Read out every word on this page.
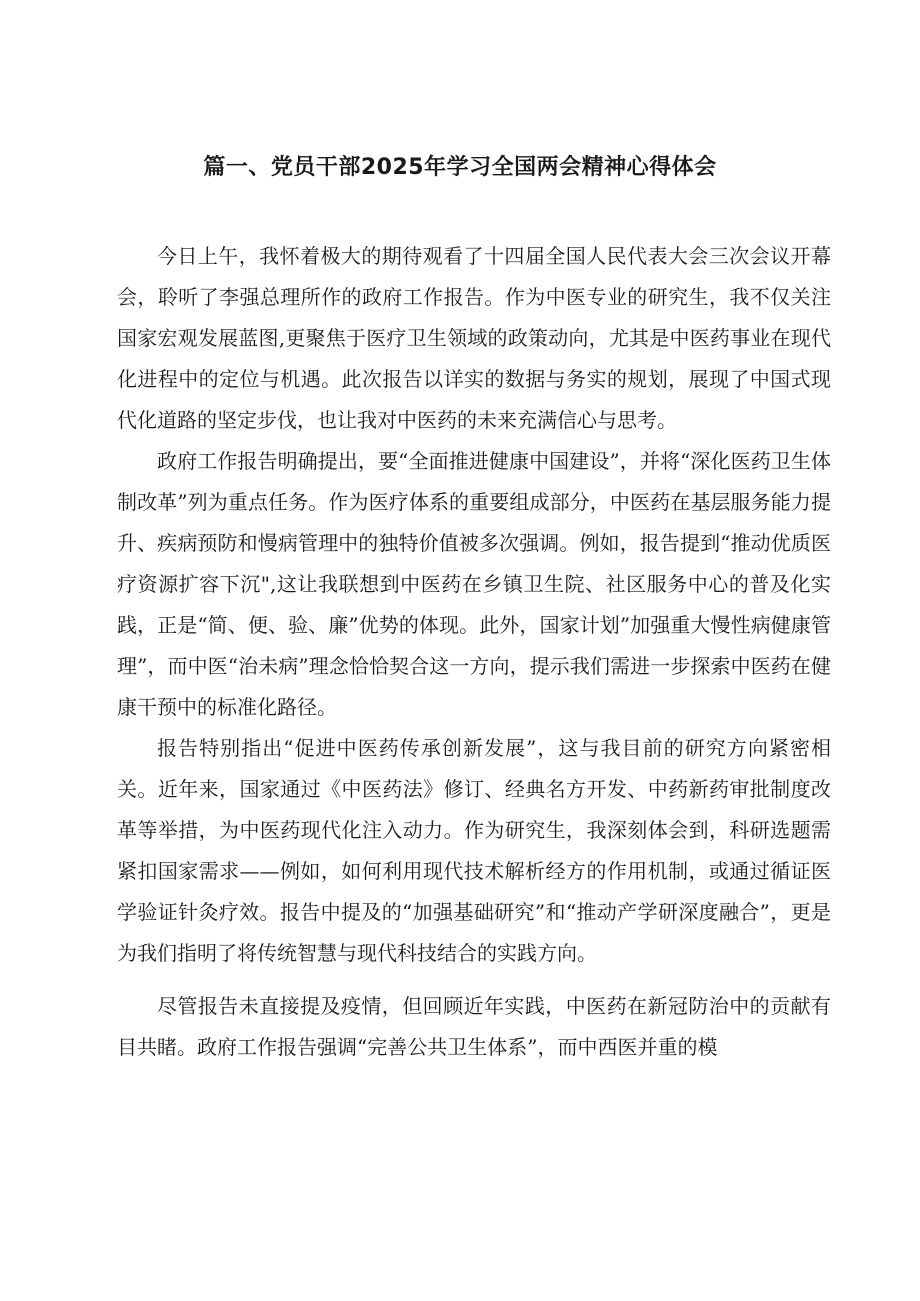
篇一、党员干部2025年学习全国两会精神心得体会

今日上午，我怀着极大的期待观看了十四届全国人民代表大会三次会议开幕会，聆听了李强总理所作的政府工作报告。作为中医专业的研究生，我不仅关注国家宏观发展蓝图,更聚焦于医疗卫生领域的政策动向，尤其是中医药事业在现代化进程中的定位与机遇。此次报告以详实的数据与务实的规划，展现了中国式现代化道路的坚定步伐，也让我对中医药的未来充满信心与思考。

政府工作报告明确提出，要“全面推进健康中国建设”，并将“深化医药卫生体制改革”列为重点任务。作为医疗体系的重要组成部分，中医药在基层服务能力提升、疾病预防和慢病管理中的独特价值被多次强调。例如，报告提到“推动优质医疗资源扩容下沉",这让我联想到中医药在乡镇卫生院、社区服务中心的普及化实践，正是“简、便、验、廉”优势的体现。此外，国家计划”加强重大慢性病健康管理”，而中医“治未病”理念恰恰契合这一方向，提示我们需进一步探索中医药在健康干预中的标准化路径。

报告特别指出“促进中医药传承创新发展”，这与我目前的研究方向紧密相关。近年来，国家通过《中医药法》修订、经典名方开发、中药新药审批制度改革等举措，为中医药现代化注入动力。作为研究生，我深刻体会到，科研选题需紧扣国家需求——例如，如何利用现代技术解析经方的作用机制，或通过循证医学验证针灸疗效。报告中提及的“加强基础研究”和“推动产学研深度融合”，更是为我们指明了将传统智慧与现代科技结合的实践方向。

尽管报告未直接提及疫情，但回顾近年实践，中医药在新冠防治中的贡献有目共睹。政府工作报告强调“完善公共卫生体系”，而中西医并重的模
